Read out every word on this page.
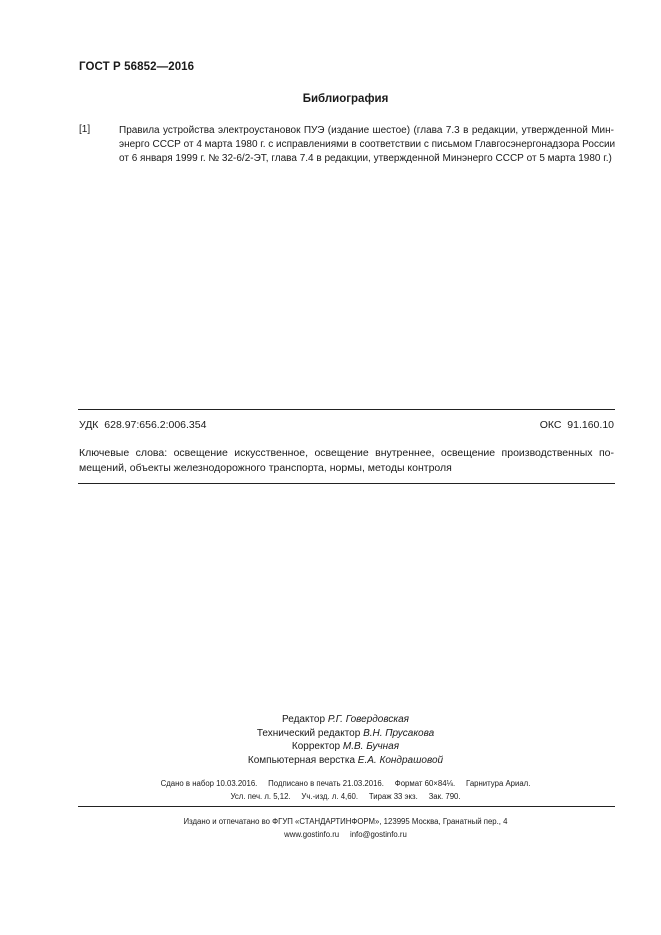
ГОСТ Р 56852—2016
Библиография
[1]	Правила устройства электроустановок ПУЭ (издание шестое) (глава 7.3 в редакции, утвержденной Мин-
энерго СССР от 4 марта 1980 г. с исправлениями в соответствии с письмом Главгосэнергонадзора России
от 6 января 1999 г. № 32-6/2-ЭТ, глава 7.4 в редакции, утвержденной Минэнерго СССР от 5 марта 1980 г.)
УДК  628.97:656.2:006.354	ОКС  91.160.10
Ключевые слова: освещение искусственное, освещение внутреннее, освещение производственных по-
мещений, объекты железнодорожного транспорта, нормы, методы контроля
Редактор Р.Г. Говердовская
Технический редактор В.Н. Прусакова
Корректор М.В. Бучная
Компьютерная верстка Е.А. Кондрашовой
Сдано в набор 10.03.2016.     Подписано в печать 21.03.2016.     Формат 60×84⅛.     Гарнитура Ариал.
Усл. печ. л. 5,12.     Уч.-изд. л. 4,60.     Тираж 33 экз.     Зак. 790.
Издано и отпечатано во ФГУП «СТАНДАРТИНФОРМ», 123995 Москва, Гранатный пер., 4
www.gostinfo.ru     info@gostinfo.ru
